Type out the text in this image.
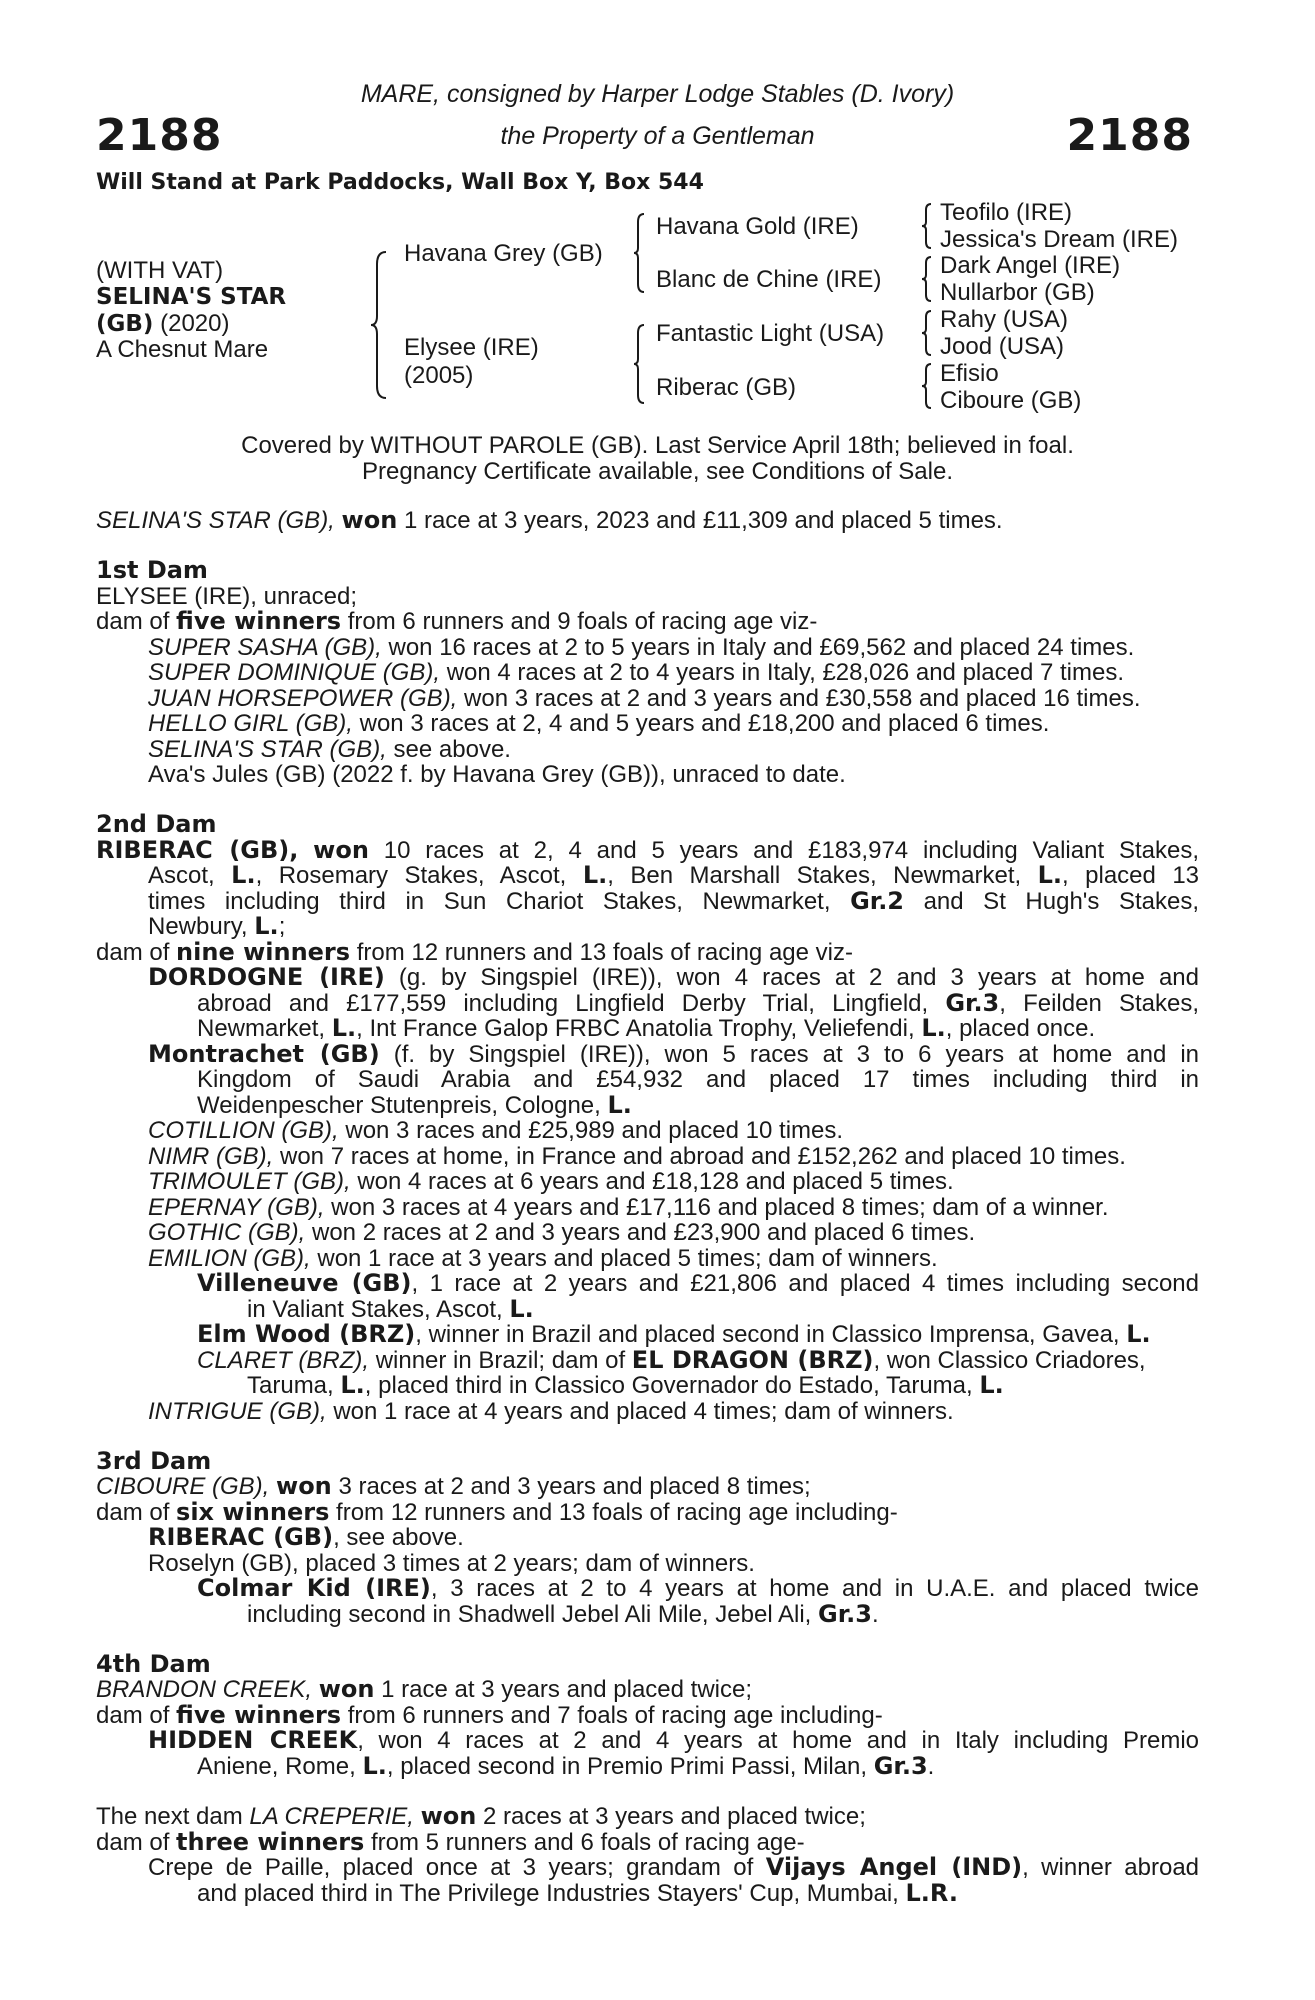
2188	2188
MARE, consigned by Harper Lodge Stables (D. Ivory)
the Property of a Gentleman
Will Stand at Park Paddocks, Wall Box Y, Box 544
(WITH VAT)
SELINA'S STAR
(GB) (2020)
A Chesnut Mare
Havana Grey (GB)
Elysee (IRE)
(2005)
Havana Gold (IRE)
Blanc de Chine (IRE)
Fantastic Light (USA)
Riberac (GB)
Teofilo (IRE)
Jessica's Dream (IRE)
Dark Angel (IRE)
Nullarbor (GB)
Rahy (USA)
Jood (USA)
Efisio
Ciboure (GB)
Covered by WITHOUT PAROLE (GB). Last Service April 18th; believed in foal.
Pregnancy Certificate available, see Conditions of Sale.
SELINA'S STAR (GB), won 1 race at 3 years, 2023 and £11,309 and placed 5 times.
1st Dam
ELYSEE (IRE), unraced;
dam of five winners from 6 runners and 9 foals of racing age viz-
SUPER SASHA (GB), won 16 races at 2 to 5 years in Italy and £69,562 and placed 24 times.
SUPER DOMINIQUE (GB), won 4 races at 2 to 4 years in Italy, £28,026 and placed 7 times.
JUAN HORSEPOWER (GB), won 3 races at 2 and 3 years and £30,558 and placed 16 times.
HELLO GIRL (GB), won 3 races at 2, 4 and 5 years and £18,200 and placed 6 times.
SELINA'S STAR (GB), see above.
Ava's Jules (GB) (2022 f. by Havana Grey (GB)), unraced to date.
2nd Dam
RIBERAC (GB), won 10 races at 2, 4 and 5 years and £183,974 including Valiant Stakes,
Ascot, L., Rosemary Stakes, Ascot, L., Ben Marshall Stakes, Newmarket, L., placed 13
times including third in Sun Chariot Stakes, Newmarket, Gr.2 and St Hugh's Stakes,
Newbury, L.;
dam of nine winners from 12 runners and 13 foals of racing age viz-
DORDOGNE (IRE) (g. by Singspiel (IRE)), won 4 races at 2 and 3 years at home and
abroad and £177,559 including Lingfield Derby Trial, Lingfield, Gr.3, Feilden Stakes,
Newmarket, L., Int France Galop FRBC Anatolia Trophy, Veliefendi, L., placed once.
Montrachet (GB) (f. by Singspiel (IRE)), won 5 races at 3 to 6 years at home and in
Kingdom of Saudi Arabia and £54,932 and placed 17 times including third in
Weidenpescher Stutenpreis, Cologne, L.
COTILLION (GB), won 3 races and £25,989 and placed 10 times.
NIMR (GB), won 7 races at home, in France and abroad and £152,262 and placed 10 times.
TRIMOULET (GB), won 4 races at 6 years and £18,128 and placed 5 times.
EPERNAY (GB), won 3 races at 4 years and £17,116 and placed 8 times; dam of a winner.
GOTHIC (GB), won 2 races at 2 and 3 years and £23,900 and placed 6 times.
EMILION (GB), won 1 race at 3 years and placed 5 times; dam of winners.
Villeneuve (GB), 1 race at 2 years and £21,806 and placed 4 times including second
in Valiant Stakes, Ascot, L.
Elm Wood (BRZ), winner in Brazil and placed second in Classico Imprensa, Gavea, L.
CLARET (BRZ), winner in Brazil; dam of EL DRAGON (BRZ), won Classico Criadores,
Taruma, L., placed third in Classico Governador do Estado, Taruma, L.
INTRIGUE (GB), won 1 race at 4 years and placed 4 times; dam of winners.
3rd Dam
CIBOURE (GB), won 3 races at 2 and 3 years and placed 8 times;
dam of six winners from 12 runners and 13 foals of racing age including-
RIBERAC (GB), see above.
Roselyn (GB), placed 3 times at 2 years; dam of winners.
Colmar Kid (IRE), 3 races at 2 to 4 years at home and in U.A.E. and placed twice
including second in Shadwell Jebel Ali Mile, Jebel Ali, Gr.3.
4th Dam
BRANDON CREEK, won 1 race at 3 years and placed twice;
dam of five winners from 6 runners and 7 foals of racing age including-
HIDDEN CREEK, won 4 races at 2 and 4 years at home and in Italy including Premio
Aniene, Rome, L., placed second in Premio Primi Passi, Milan, Gr.3.
The next dam LA CREPERIE, won 2 races at 3 years and placed twice;
dam of three winners from 5 runners and 6 foals of racing age-
Crepe de Paille, placed once at 3 years; grandam of Vijays Angel (IND), winner abroad
and placed third in The Privilege Industries Stayers' Cup, Mumbai, L.R.
